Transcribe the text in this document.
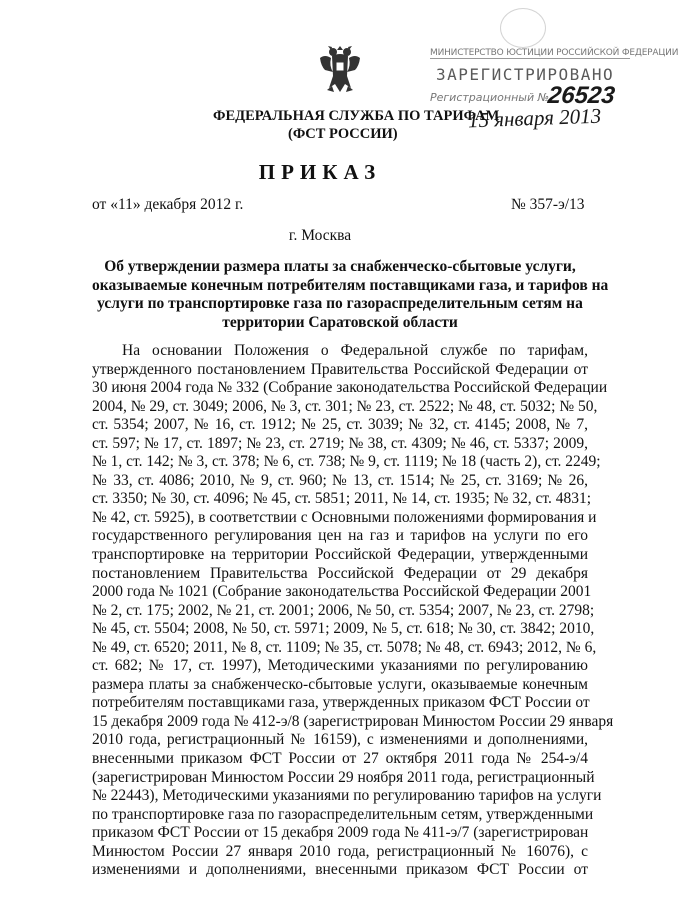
МИНИСТЕРСТВО ЮСТИЦИИ РОССИЙСКОЙ ФЕДЕРАЦИИ
ЗАРЕГИСТРИРОВАНО
Регистрационный №
26523
15 января 2013
ФЕДЕРАЛЬНАЯ СЛУЖБА ПО ТАРИФАМ
(ФСТ РОССИИ)
ПРИКАЗ
от «11» декабря 2012 г.	№ 357-э/13
г. Москва
Об утверждении размера платы за снабженческо-сбытовые услуги,
оказываемые конечным потребителям поставщиками газа, и тарифов на
услуги по транспортировке газа по газораспределительным сетям на
территории Саратовской области
На основании Положения о Федеральной службе по тарифам,
утвержденного постановлением Правительства Российской Федерации от
30 июня 2004 года № 332 (Собрание законодательства Российской Федерации
2004, № 29, ст. 3049; 2006, № 3, ст. 301; № 23, ст. 2522; № 48, ст. 5032; № 50,
ст. 5354; 2007, № 16, ст. 1912; № 25, ст. 3039; № 32, ст. 4145; 2008, № 7,
ст. 597; № 17, ст. 1897; № 23, ст. 2719; № 38, ст. 4309; № 46, ст. 5337; 2009,
№ 1, ст. 142; № 3, ст. 378; № 6, ст. 738; № 9, ст. 1119; № 18 (часть 2), ст. 2249;
№ 33, ст. 4086; 2010, № 9, ст. 960; № 13, ст. 1514; № 25, ст. 3169; № 26,
ст. 3350; № 30, ст. 4096; № 45, ст. 5851; 2011, № 14, ст. 1935; № 32, ст. 4831;
№ 42, ст. 5925), в соответствии с Основными положениями формирования и
государственного регулирования цен на газ и тарифов на услуги по его
транспортировке на территории Российской Федерации, утвержденными
постановлением Правительства Российской Федерации от 29 декабря
2000 года № 1021 (Собрание законодательства Российской Федерации 2001
№ 2, ст. 175; 2002, № 21, ст. 2001; 2006, № 50, ст. 5354; 2007, № 23, ст. 2798;
№ 45, ст. 5504; 2008, № 50, ст. 5971; 2009, № 5, ст. 618; № 30, ст. 3842; 2010,
№ 49, ст. 6520; 2011, № 8, ст. 1109; № 35, ст. 5078; № 48, ст. 6943; 2012, № 6,
ст. 682; № 17, ст. 1997), Методическими указаниями по регулированию
размера платы за снабженческо-сбытовые услуги, оказываемые конечным
потребителям поставщиками газа, утвержденных приказом ФСТ России от
15 декабря 2009 года № 412-э/8 (зарегистрирован Минюстом России 29 января
2010 года, регистрационный № 16159), с изменениями и дополнениями,
внесенными приказом ФСТ России от 27 октября 2011 года № 254-э/4
(зарегистрирован Минюстом России 29 ноября 2011 года, регистрационный
№ 22443), Методическими указаниями по регулированию тарифов на услуги
по транспортировке газа по газораспределительным сетям, утвержденными
приказом ФСТ России от 15 декабря 2009 года № 411-э/7 (зарегистрирован
Минюстом России 27 января 2010 года, регистрационный № 16076), с
изменениями и дополнениями, внесенными приказом ФСТ России от
